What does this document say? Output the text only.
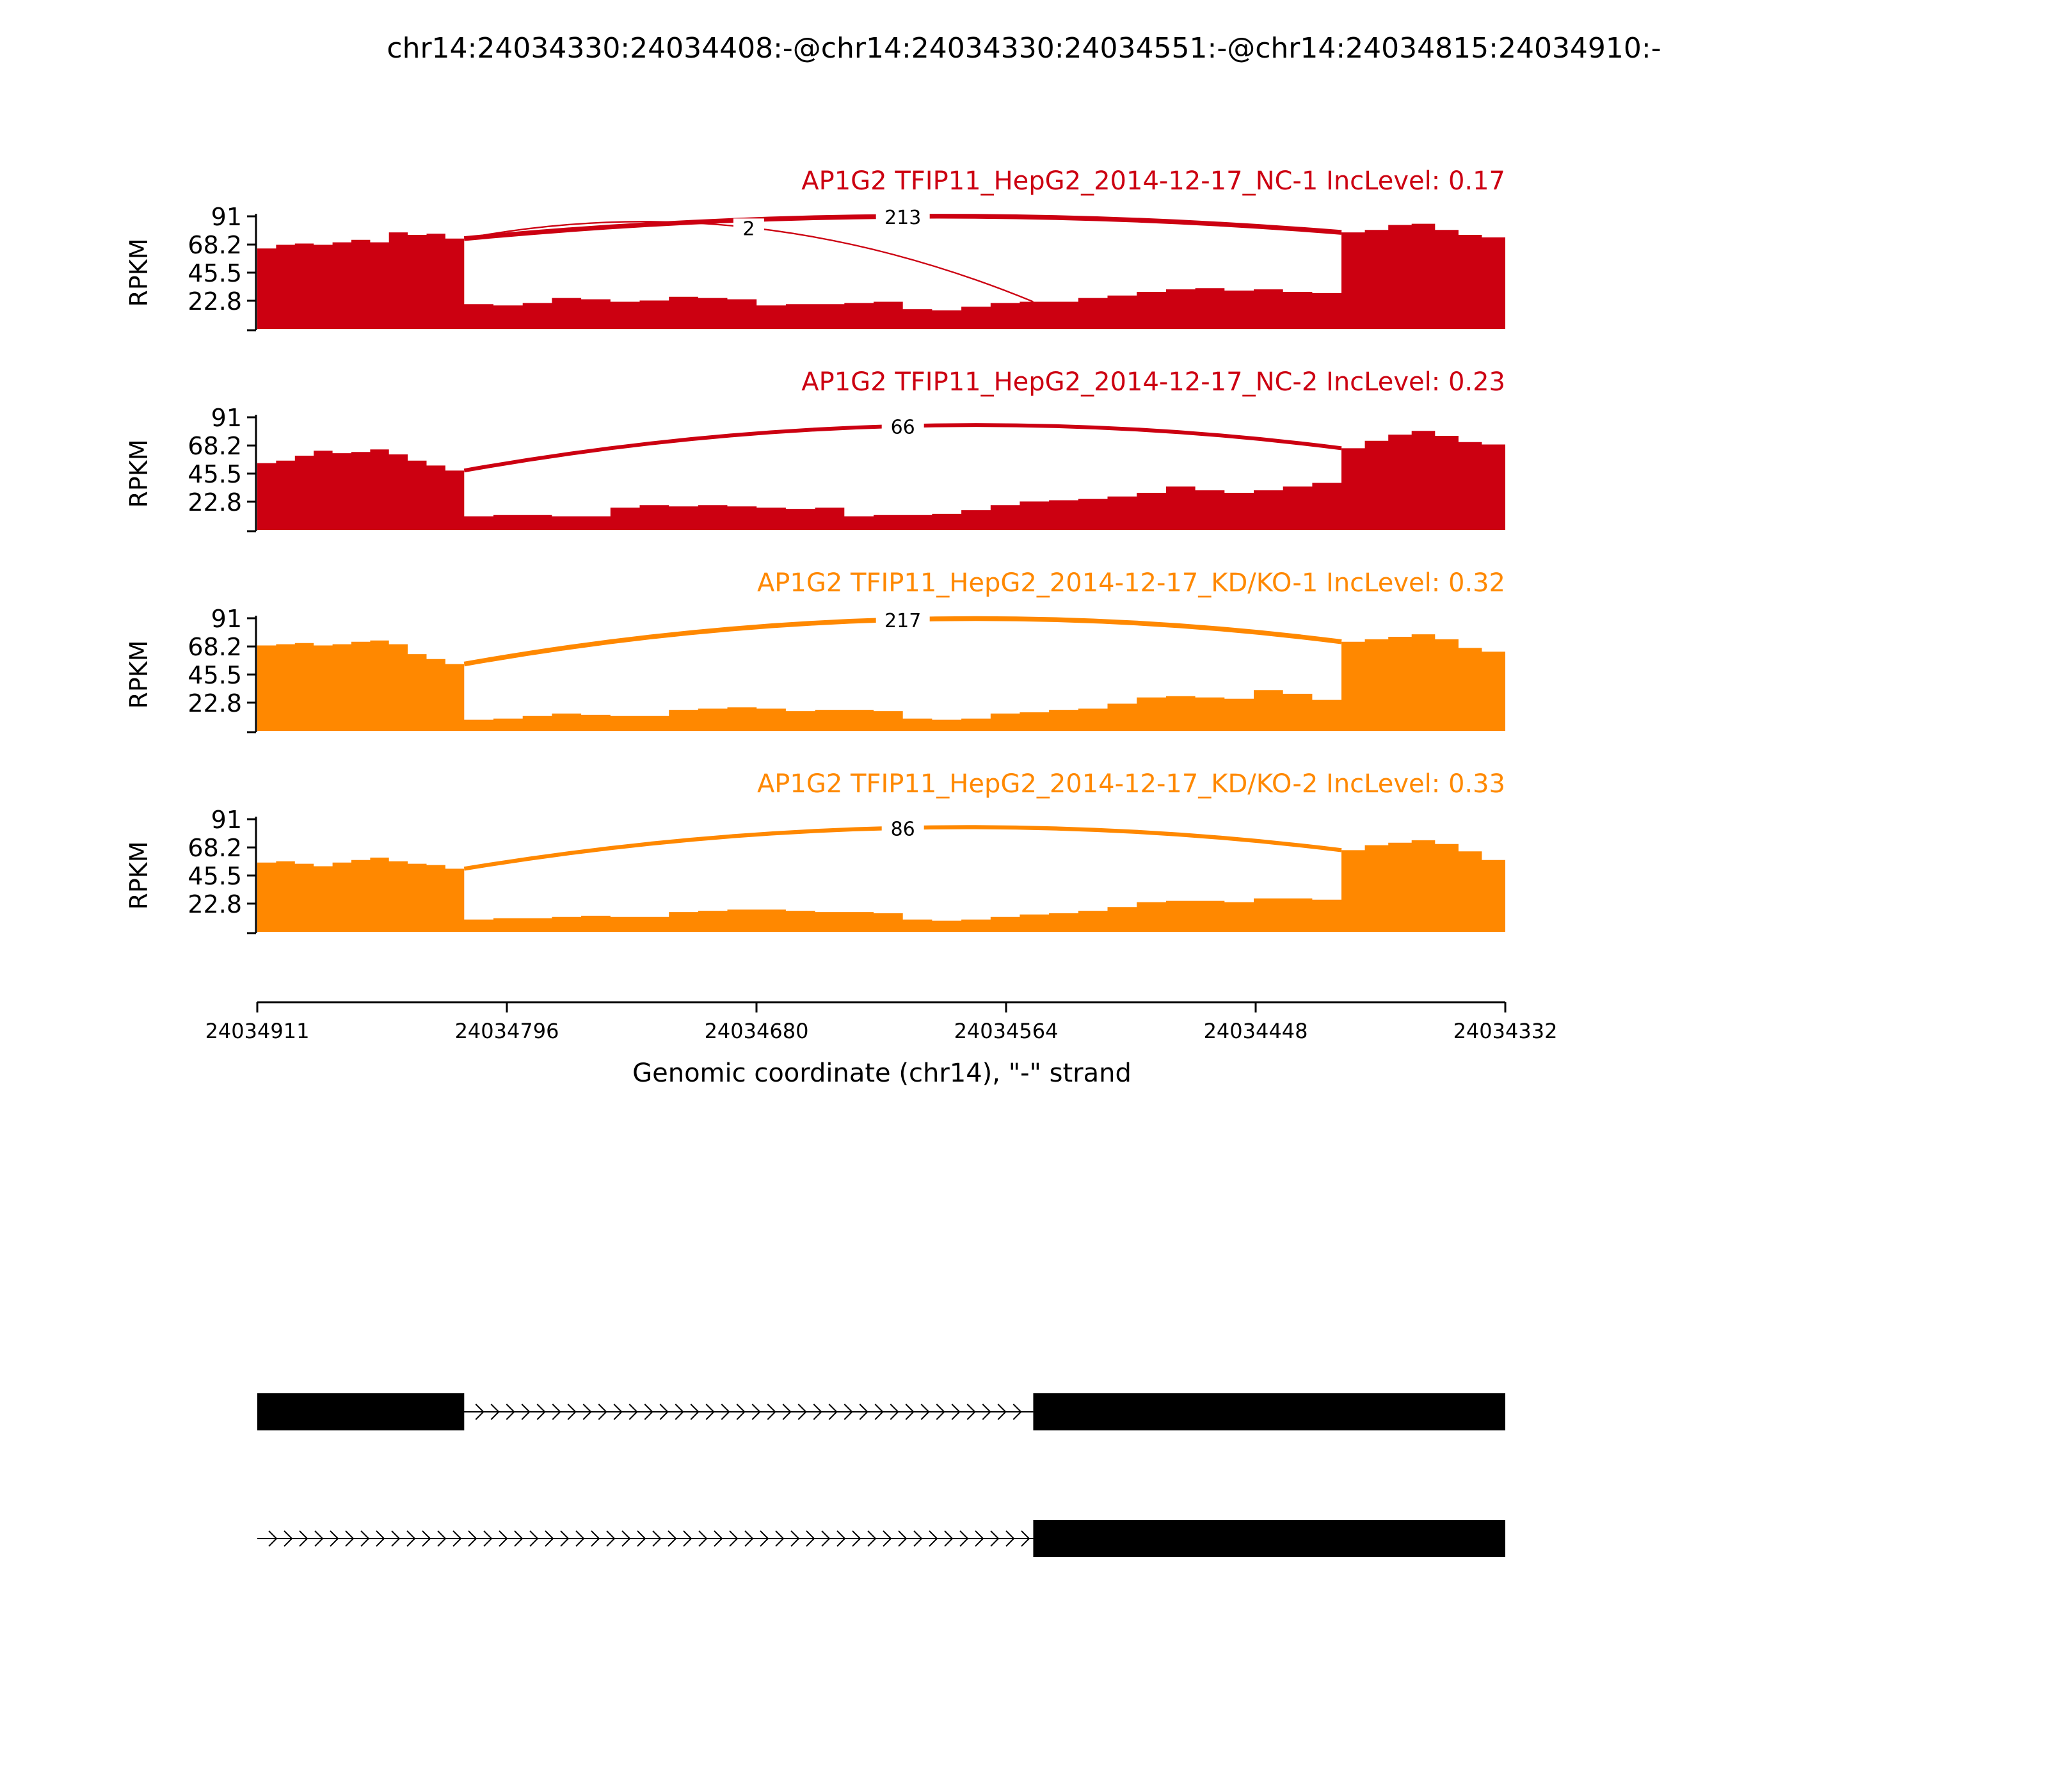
chr14:24034330:24034408:-@chr14:24034330:24034551:-@chr14:24034815:24034910:-
91
68.2
45.5
22.8
RPKM
AP1G2 TFIP11_HepG2_2014-12-17_NC-1 IncLevel: 0.17
213
2
91
68.2
45.5
22.8
RPKM
AP1G2 TFIP11_HepG2_2014-12-17_NC-2 IncLevel: 0.23
66
91
68.2
45.5
22.8
RPKM
AP1G2 TFIP11_HepG2_2014-12-17_KD/KO-1 IncLevel: 0.32
217
91
68.2
45.5
22.8
RPKM
AP1G2 TFIP11_HepG2_2014-12-17_KD/KO-2 IncLevel: 0.33
86
24034911	24034796	24034680	24034564	24034448	24034332
Genomic coordinate (chr14), "-" strand
